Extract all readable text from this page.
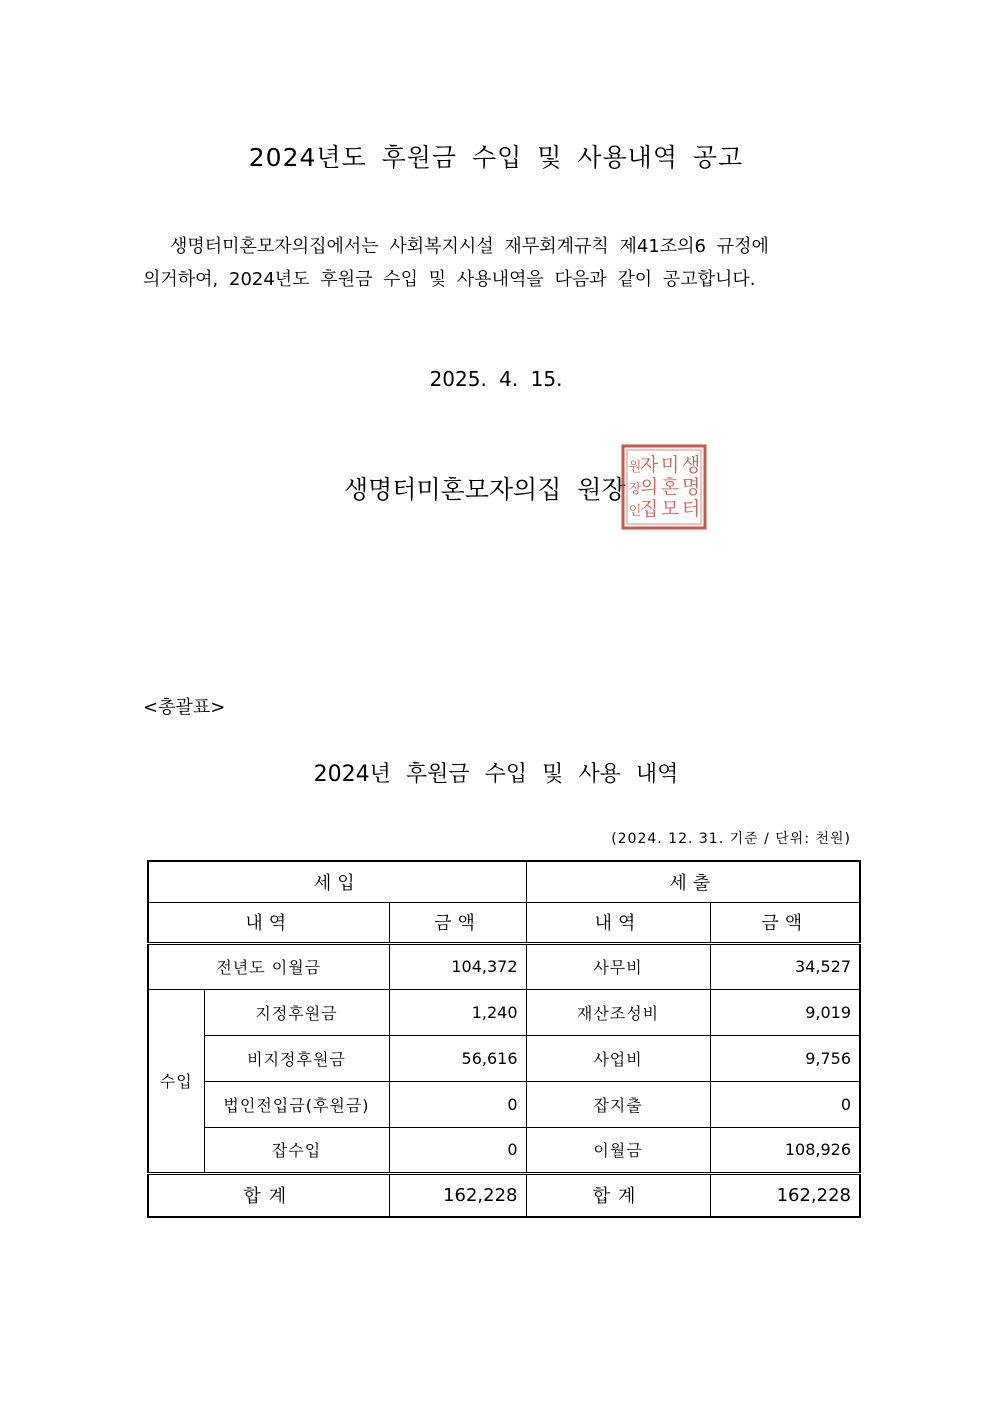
2024년도 후원금 수입 및 사용내역 공고
생명터미혼모자의집에서는 사회복지시설 재무회계규칙 제41조의6 규정에
의거하여, 2024년도 후원금 수입 및 사용내역을 다음과 같이 공고합니다.
2025. 4. 15.
생명터미혼모자의집 원장
생
명
터
미
혼
모
자
의
집
원
장
인
<총괄표>
2024년 후원금 수입 및 사용 내역
(2024. 12. 31. 기준 / 단위: 천원)
세입			세출	
내역		금액	내역	금액
전년도 이월금		104,372	사무비	34,527
수입	지정후원금	1,240	재산조성비	9,019
	비지정후원금	56,616	사업비	9,756
	법인전입금(후원금)	0	잡지출	0
	잡수입	0	이월금	108,926
합계		162,228	합계	162,228
